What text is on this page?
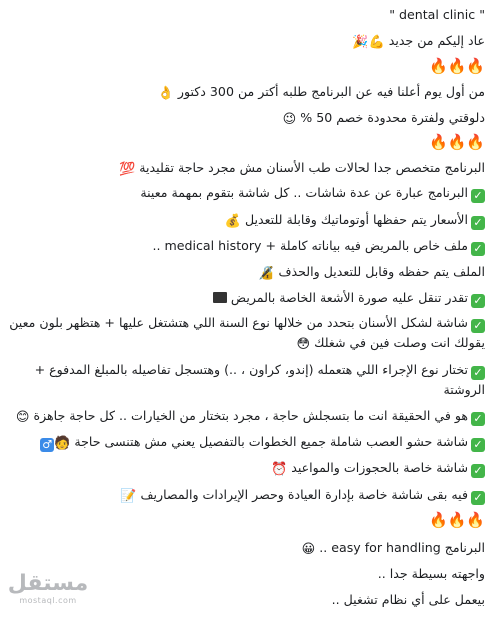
" dental clinic "
عاد إليكم من جديد 💪🎉
🔥🔥🔥
من أول يوم أعلنا فيه عن البرنامج طلبه أكتر من 300 دكتور 👌
دلوقتي ولفترة محدودة خصم 50 % 😉
🔥🔥🔥
البرنامج متخصص جدا لحالات طب الأسنان مش مجرد حاجة تقليدية 💯
✓البرنامج عبارة عن عدة شاشات .. كل شاشة بتقوم بمهمة معينة
✓الأسعار يتم حفظها أوتوماتيك وقابلة للتعديل 💰
✓ملف خاص بالمريض فيه بياناته كاملة + medical history ..
الملف يتم حفظه وقابل للتعديل والحذف 🔏
✓تقدر تنقل عليه صورة الأشعة الخاصة بالمريض
✓شاشة لشكل الأسنان بتحدد من خلالها نوع السنة اللي هتشتغل عليها + هتظهر بلون معين يقولك انت وصلت فين في شغلك 😳
✓تختار نوع الإجراء اللي هتعمله (إندو، كراون ، ..) وهتسجل تفاصيله بالمبلغ المدفوع + الروشتة
✓هو في الحقيقة انت ما بتسجلش حاجة ، مجرد بتختار من الخيارات .. كل حاجة جاهزة 😊
✓شاشة حشو العصب شاملة جميع الخطوات بالتفصيل يعني مش هتنسى حاجة 🧑♂
✓شاشة خاصة بالحجوزات والمواعيد ⏰
✓فيه بقى شاشة خاصة بإدارة العيادة وحصر الإيرادات والمصاريف 📝
🔥🔥🔥
البرنامج easy for handling .. 😀
واجهته بسيطة جدا ..
بيعمل على أي نظام تشغيل ..
مستقل
mostaql.com
